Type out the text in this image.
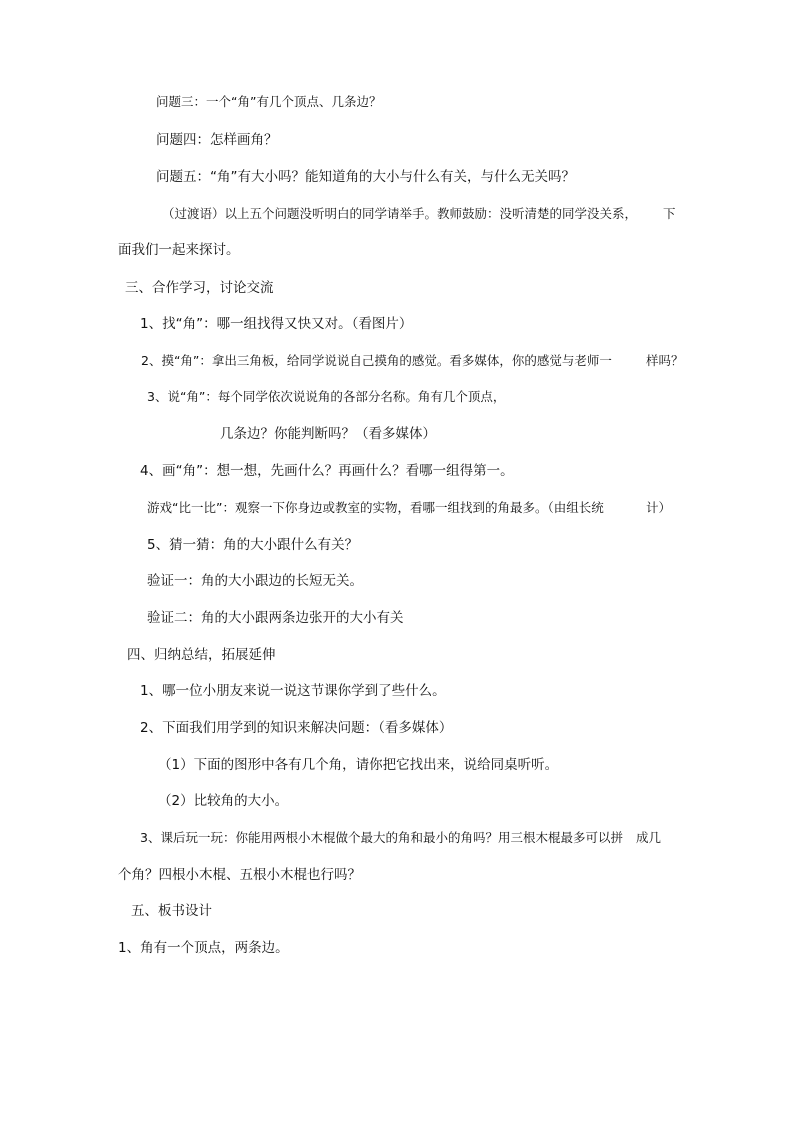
问题三：一个“角”有几个顶点、几条边？
问题四：怎样画角？
问题五：“角”有大小吗？能知道角的大小与什么有关，与什么无关吗？
（过渡语）以上五个问题没听明白的同学请举手。教师鼓励：没听清楚的同学没关系， 下
面我们一起来探讨。
三、合作学习，讨论交流
1、找“角”：哪一组找得又快又对。（看图片）
2、摸“角”：拿出三角板，给同学说说自己摸角的感觉。看多媒体，你的感觉与老师一	样吗？
3、说“角”：每个同学依次说说角的各部分名称。角有几个顶点，
几条边？你能判断吗？（看多媒体）
4、画“角”：想一想，先画什么？再画什么？看哪一组得第一。
游戏“比一比”：观察一下你身边或教室的实物，看哪一组找到的角最多。（由组长统	计）
5、猜一猜：角的大小跟什么有关？
验证一：角的大小跟边的长短无关。
验证二：角的大小跟两条边张开的大小有关
四、归纳总结，拓展延伸
1、哪一位小朋友来说一说这节课你学到了些什么。
2、下面我们用学到的知识来解决问题：（看多媒体）
（1）下面的图形中各有几个角，请你把它找出来，说给同桌听听。
（2）比较角的大小。
3、课后玩一玩：你能用两根小木棍做个最大的角和最小的角吗？用三根木棍最多可以拼 成几
个角？四根小木棍、五根小木棍也行吗？
五、板书设计
1、角有一个顶点，两条边。
